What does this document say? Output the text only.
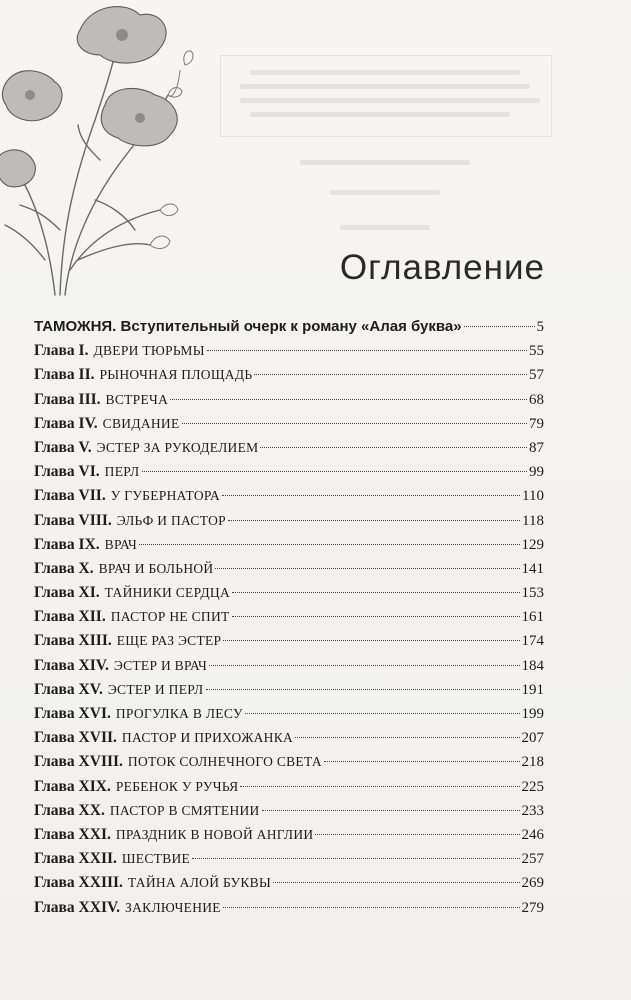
Оглавление
ТАМОЖНЯ. Вступительный очерк к роману «Алая буква»	5
Глава I. ДВЕРИ ТЮРЬМЫ	55
Глава II. РЫНОЧНАЯ ПЛОЩАДЬ	57
Глава III. ВСТРЕЧА	68
Глава IV. СВИДАНИЕ	79
Глава V. ЭСТЕР ЗА РУКОДЕЛИЕМ	87
Глава VI. ПЕРЛ	99
Глава VII. У ГУБЕРНАТОРА	110
Глава VIII. ЭЛЬФ И ПАСТОР	118
Глава IX. ВРАЧ	129
Глава X. ВРАЧ И БОЛЬНОЙ	141
Глава XI. ТАЙНИКИ СЕРДЦА	153
Глава XII. ПАСТОР НЕ СПИТ	161
Глава XIII. ЕЩЕ РАЗ ЭСТЕР	174
Глава XIV. ЭСТЕР И ВРАЧ	184
Глава XV. ЭСТЕР И ПЕРЛ	191
Глава XVI. ПРОГУЛКА В ЛЕСУ	199
Глава XVII. ПАСТОР И ПРИХОЖАНКА	207
Глава XVIII. ПОТОК СОЛНЕЧНОГО СВЕТА	218
Глава XIX. РЕБЕНОК У РУЧЬЯ	225
Глава XX. ПАСТОР В СМЯТЕНИИ	233
Глава XXI. ПРАЗДНИК В НОВОЙ АНГЛИИ	246
Глава XXII. ШЕСТВИЕ	257
Глава XXIII. ТАЙНА АЛОЙ БУКВЫ	269
Глава XXIV. ЗАКЛЮЧЕНИЕ	279
